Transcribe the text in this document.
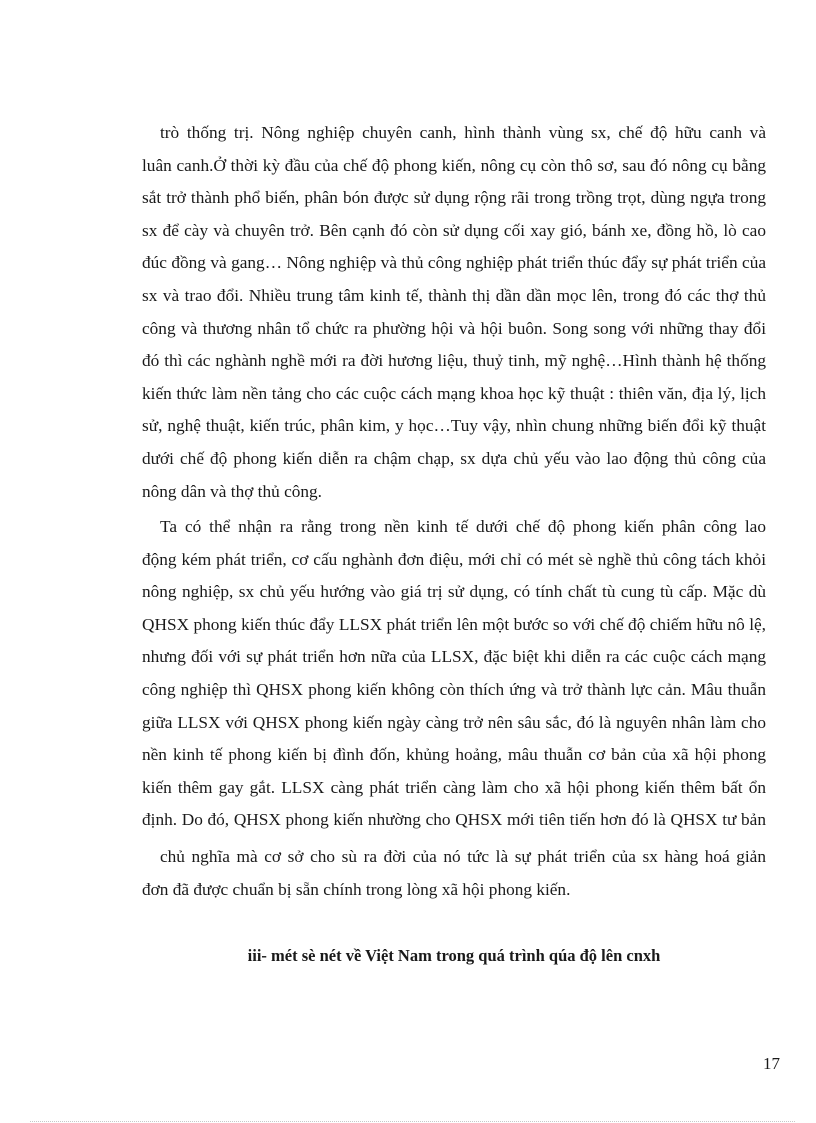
trò thống trị. Nông nghiệp chuyên canh, hình thành vùng sx, chế độ hữu canh và
luân canh.Ở thời kỳ đầu của chế độ phong kiến, nông cụ còn thô sơ, sau đó nông cụ bằng
sắt trở thành phổ biến, phân bón được sử dụng rộng rãi trong trồng trọt, dùng ngựa trong
sx để cày và chuyên trở. Bên cạnh đó còn sử dụng cối xay gió, bánh xe, đồng hồ, lò cao
đúc đồng và gang… Nông nghiệp và thủ công nghiệp phát triển thúc đẩy sự phát triển của
sx và trao đổi. Nhiều trung tâm kinh tế, thành thị dần dần mọc lên, trong đó các thợ thủ
công và thương nhân tổ chức ra phường hội và hội buôn. Song song với những thay đổi
đó thì các nghành nghề mới ra đời hương liệu, thuỷ tinh, mỹ nghệ…Hình thành hệ thống
kiến thức làm nền tảng cho các cuộc cách mạng khoa học kỹ thuật : thiên văn, địa lý, lịch
sử, nghệ thuật, kiến trúc, phân kim, y học…Tuy vậy, nhìn chung những biến đổi kỹ thuật
dưới chế độ phong kiến diễn ra chậm chạp, sx dựa chủ yếu vào lao động thủ công của
nông dân và thợ thủ công.
Ta có thể nhận ra rằng trong nền kinh tế dưới chế độ phong kiến phân công lao
động kém phát triển, cơ cấu nghành đơn điệu, mới chỉ có mét sè nghề thủ công tách khỏi
nông nghiệp, sx chủ yếu hướng vào giá trị sử dụng, có tính chất tù cung tù cấp. Mặc dù
QHSX phong kiến thúc đẩy LLSX phát triển lên một bước so với chế độ chiếm hữu nô lệ,
nhưng đối với sự phát triển hơn nữa của LLSX, đặc biệt khi diễn ra các cuộc cách mạng
công nghiệp thì QHSX phong kiến không còn thích ứng và trở thành lực cản. Mâu thuẫn
giữa LLSX với QHSX phong kiến ngày càng trở nên sâu sắc, đó là nguyên nhân làm cho
nền kinh tế phong kiến bị đình đốn, khủng hoảng, mâu thuẫn cơ bản của xã hội phong
kiến thêm gay gắt. LLSX càng phát triển càng làm cho xã hội phong kiến thêm bất ổn
định. Do đó, QHSX phong kiến nhường cho QHSX mới tiên tiến hơn đó là QHSX tư bản
chủ nghĩa mà cơ sở cho sù ra đời của nó tức là sự phát triển của sx hàng hoá giản
đơn đã được chuẩn bị sẵn chính trong lòng xã hội phong kiến.
iii- mét sè nét về Việt Nam trong quá trình qúa độ lên cnxh
17
